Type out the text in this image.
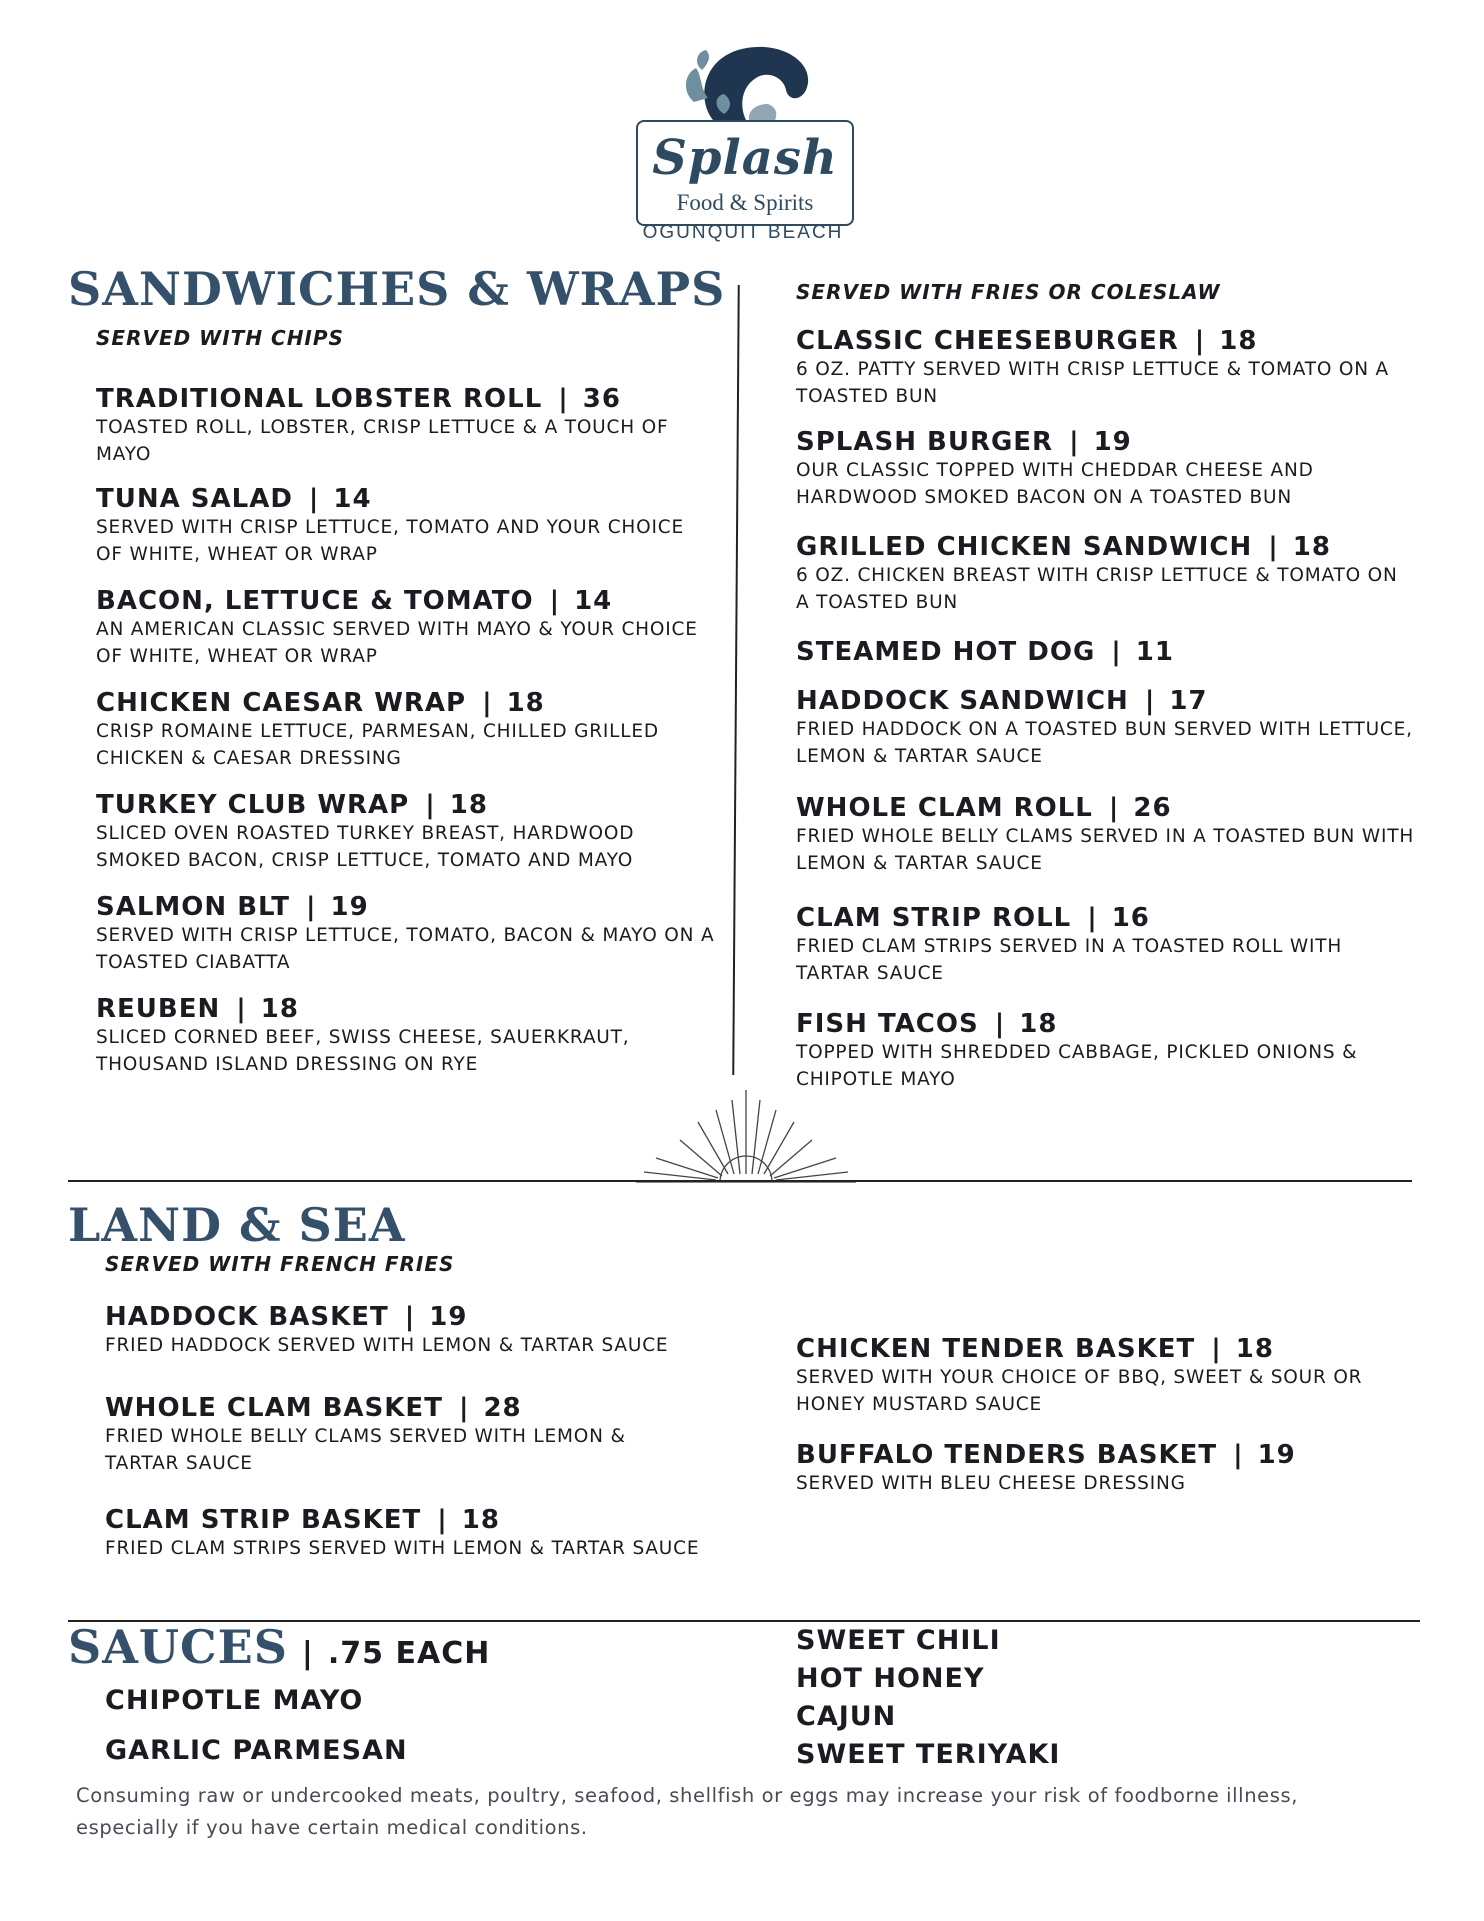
Splash
Food & Spirits
OGUNQUIT BEACH
SANDWICHES & WRAPS
SERVED WITH CHIPS
SERVED WITH FRIES OR COLESLAW
TRADITIONAL LOBSTER ROLL | 36
TOASTED ROLL, LOBSTER, CRISP LETTUCE & A TOUCH OF MAYO
TUNA SALAD | 14
SERVED WITH CRISP LETTUCE, TOMATO AND YOUR CHOICE OF WHITE, WHEAT OR WRAP
BACON, LETTUCE & TOMATO | 14
AN AMERICAN CLASSIC SERVED WITH MAYO & YOUR CHOICE OF WHITE, WHEAT OR WRAP
CHICKEN CAESAR WRAP | 18
CRISP ROMAINE LETTUCE, PARMESAN, CHILLED GRILLED CHICKEN & CAESAR DRESSING
TURKEY CLUB WRAP | 18
SLICED OVEN ROASTED TURKEY BREAST, HARDWOOD SMOKED BACON, CRISP LETTUCE, TOMATO AND MAYO
SALMON BLT | 19
SERVED WITH CRISP LETTUCE, TOMATO, BACON & MAYO ON A TOASTED CIABATTA
REUBEN | 18
SLICED CORNED BEEF, SWISS CHEESE, SAUERKRAUT, THOUSAND ISLAND DRESSING ON RYE
CLASSIC CHEESEBURGER | 18
6 OZ. PATTY SERVED WITH CRISP LETTUCE & TOMATO ON A TOASTED BUN
SPLASH BURGER | 19
OUR CLASSIC TOPPED WITH CHEDDAR CHEESE AND HARDWOOD SMOKED BACON ON A TOASTED BUN
GRILLED CHICKEN SANDWICH | 18
6 OZ. CHICKEN BREAST WITH CRISP LETTUCE & TOMATO ON A TOASTED BUN
STEAMED HOT DOG | 11
HADDOCK SANDWICH | 17
FRIED HADDOCK ON A TOASTED BUN SERVED WITH LETTUCE, LEMON & TARTAR SAUCE
WHOLE CLAM ROLL | 26
FRIED WHOLE BELLY CLAMS SERVED IN A TOASTED BUN WITH LEMON & TARTAR SAUCE
CLAM STRIP ROLL | 16
FRIED CLAM STRIPS SERVED IN A TOASTED ROLL WITH TARTAR SAUCE
FISH TACOS | 18
TOPPED WITH SHREDDED CABBAGE, PICKLED ONIONS & CHIPOTLE MAYO
LAND & SEA
SERVED WITH FRENCH FRIES
HADDOCK BASKET | 19
FRIED HADDOCK SERVED WITH LEMON & TARTAR SAUCE
WHOLE CLAM BASKET | 28
FRIED WHOLE BELLY CLAMS SERVED WITH LEMON & TARTAR SAUCE
CLAM STRIP BASKET | 18
FRIED CLAM STRIPS SERVED WITH LEMON & TARTAR SAUCE
CHICKEN TENDER BASKET | 18
SERVED WITH YOUR CHOICE OF BBQ, SWEET & SOUR OR HONEY MUSTARD SAUCE
BUFFALO TENDERS BASKET | 19
SERVED WITH BLEU CHEESE DRESSING
SAUCES | .75 EACH
CHIPOTLE MAYO
GARLIC PARMESAN
SWEET CHILI
HOT HONEY
CAJUN
SWEET TERIYAKI
Consuming raw or undercooked meats, poultry, seafood, shellfish or eggs may increase your risk of foodborne illness, especially if you have certain medical conditions.
